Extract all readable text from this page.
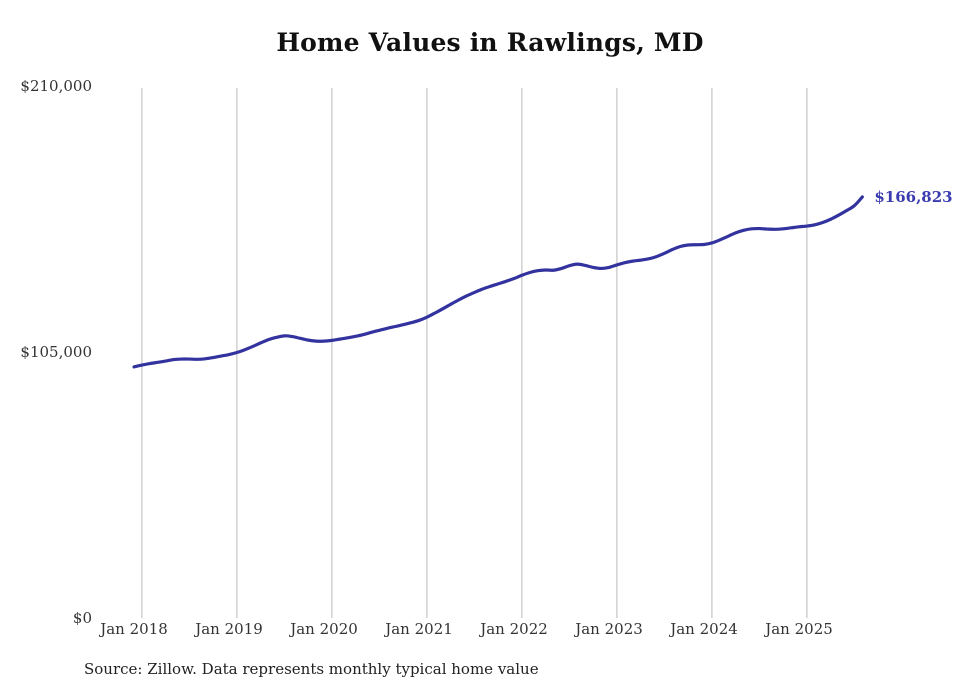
Home Values in Rawlings, MD
$210,000
$105,000
$0
Jan 2018 Jan 2019 Jan 2020 Jan 2021 Jan 2022 Jan 2023 Jan 2024 Jan 2025
$166,823
Source: Zillow. Data represents monthly typical home value
